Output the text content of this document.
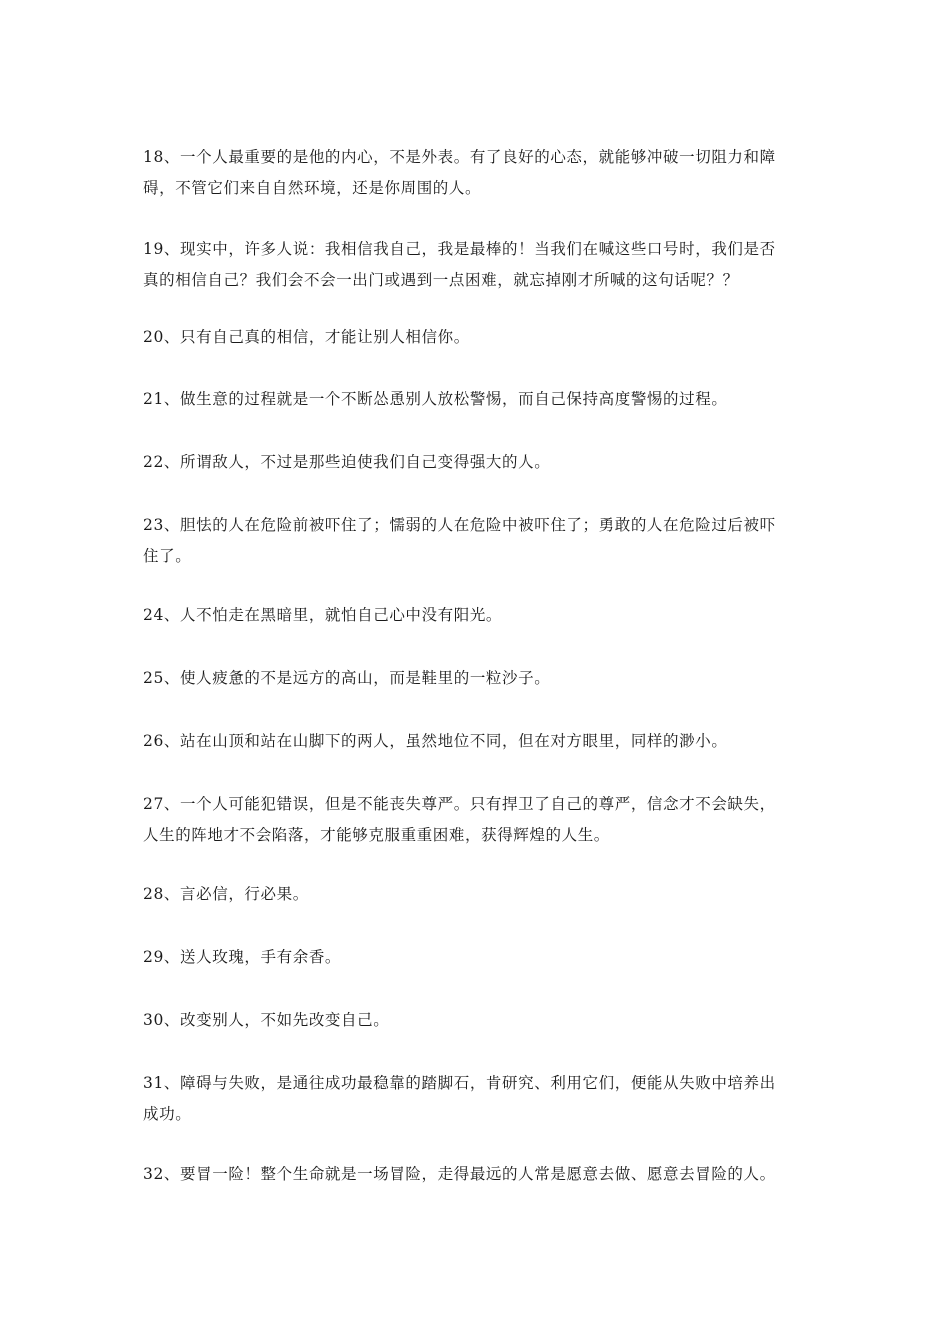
18、一个人最重要的是他的内心，不是外表。有了良好的心态，就能够冲破一切阻力和障
碍，不管它们来自自然环境，还是你周围的人。

19、现实中，许多人说：我相信我自己，我是最棒的！当我们在喊这些口号时，我们是否
真的相信自己？我们会不会一出门或遇到一点困难，就忘掉刚才所喊的这句话呢？？

20、只有自己真的相信，才能让别人相信你。

21、做生意的过程就是一个不断怂恿别人放松警惕，而自己保持高度警惕的过程。

22、所谓敌人，不过是那些迫使我们自己变得强大的人。

23、胆怯的人在危险前被吓住了；懦弱的人在危险中被吓住了；勇敢的人在危险过后被吓
住了。

24、人不怕走在黑暗里，就怕自己心中没有阳光。

25、使人疲惫的不是远方的高山，而是鞋里的一粒沙子。

26、站在山顶和站在山脚下的两人，虽然地位不同，但在对方眼里，同样的渺小。

27、一个人可能犯错误，但是不能丧失尊严。只有捍卫了自己的尊严，信念才不会缺失，
人生的阵地才不会陷落，才能够克服重重困难，获得辉煌的人生。

28、言必信，行必果。

29、送人玫瑰，手有余香。

30、改变别人，不如先改变自己。

31、障碍与失败，是通往成功最稳靠的踏脚石，肯研究、利用它们，便能从失败中培养出
成功。

32、要冒一险！整个生命就是一场冒险，走得最远的人常是愿意去做、愿意去冒险的人。
